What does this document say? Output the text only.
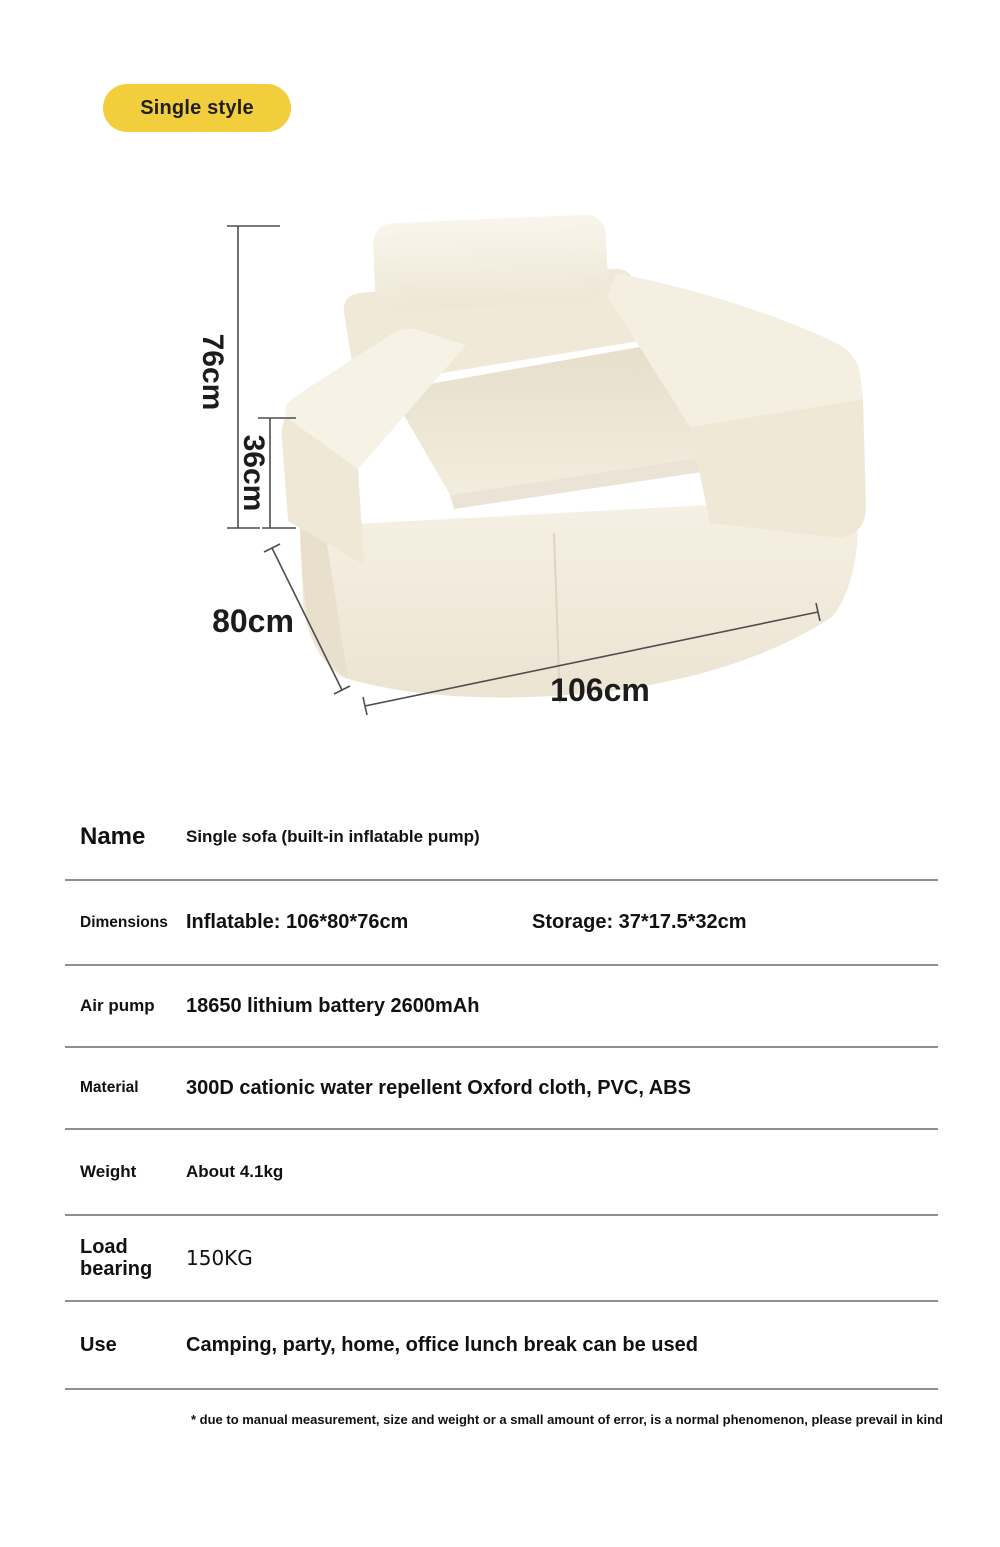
Single style
76cm
36cm
80cm
106cm
Name	Single sofa (built-in inflatable pump)
Dimensions Inflatable: 106*80*76cm	Storage: 37*17.5*32cm
Air pump	18650 lithium battery 2600mAh
Material	300D cationic water repellent Oxford cloth, PVC, ABS
Weight	About 4.1kg
Load bearing	150KG
Use	Camping, party, home, office lunch break can be used
* due to manual measurement, size and weight or a small amount of error, is a normal phenomenon, please prevail in kind
